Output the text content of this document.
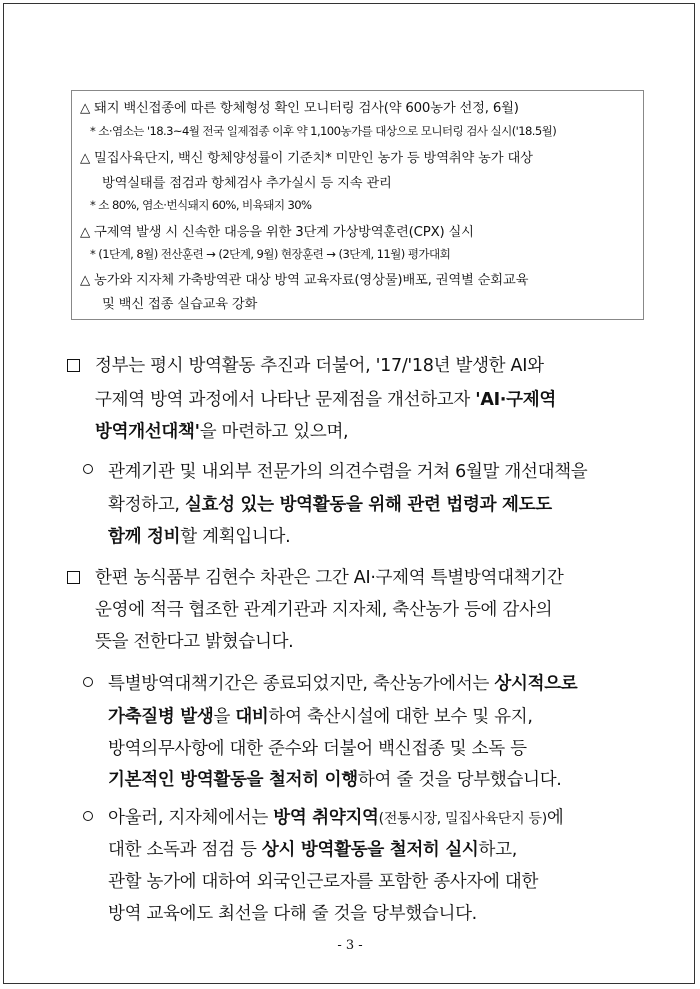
△ 돼지 백신접종에 따른 항체형성 확인 모니터링 검사(약 600농가 선정, 6월)
* 소·염소는 '18.3~4월 전국 일제접종 이후 약 1,100농가를 대상으로 모니터링 검사 실시('18.5월)
△ 밀집사육단지, 백신 항체양성률이 기준치* 미만인 농가 등 방역취약 농가 대상
방역실태를 점검과 항체검사 추가실시 등 지속 관리
* 소 80%, 염소·번식돼지 60%, 비육돼지 30%
△ 구제역 발생 시 신속한 대응을 위한 3단계 가상방역훈련(CPX) 실시
* (1단계, 8월) 전산훈련 → (2단계, 9월) 현장훈련 → (3단계, 11월) 평가대회
△ 농가와 지자체 가축방역관 대상 방역 교육자료(영상물)배포, 권역별 순회교육
및 백신 접종 실습교육 강화
정부는 평시 방역활동 추진과 더불어, '17/'18년 발생한 AI와
구제역 방역 과정에서 나타난 문제점을 개선하고자 'AI·구제역
방역개선대책'을 마련하고 있으며,
관계기관 및 내외부 전문가의 의견수렴을 거쳐 6월말 개선대책을
확정하고, 실효성 있는 방역활동을 위해 관련 법령과 제도도
함께 정비할 계획입니다.
한편 농식품부 김현수 차관은 그간 AI·구제역 특별방역대책기간
운영에 적극 협조한 관계기관과 지자체, 축산농가 등에 감사의
뜻을 전한다고 밝혔습니다.
특별방역대책기간은 종료되었지만, 축산농가에서는 상시적으로
가축질병 발생을 대비하여 축산시설에 대한 보수 및 유지,
방역의무사항에 대한 준수와 더불어 백신접종 및 소독 등
기본적인 방역활동을 철저히 이행하여 줄 것을 당부했습니다.
아울러, 지자체에서는 방역 취약지역(전통시장, 밀집사육단지 등)에
대한 소독과 점검 등 상시 방역활동을 철저히 실시하고,
관할 농가에 대하여 외국인근로자를 포함한 종사자에 대한
방역 교육에도 최선을 다해 줄 것을 당부했습니다.
- 3 -
